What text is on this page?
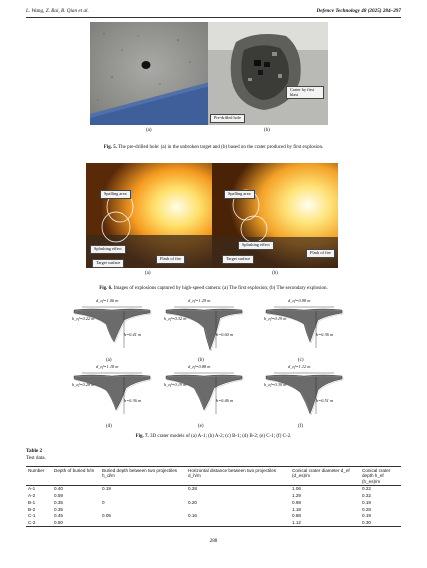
L. Wang, Z. Bai, B. Qian et al.	Defence Technology 48 (2025) 284–297
(a)
Crater by first blast
Pre-drilled hole
(b)
Fig. 5. The pre-drilled hole: (a) in the unbroken target and (b) based on the crater produced by first explosion.
Spalling area
Splashing effect
Target surface
Flash of fire
(a)
Spalling area
Splashing effect
Target surface
Flash of fire
(b)
Fig. 6. Images of explosions captured by high-speed camera: (a) The first explosion; (b) The secondary explosion.
d_ef=1.06 m
h_ef=0.22 m
h=0.41 m
(a)
d_ef=1.29 m
h_ef=0.32 m
h=0.60 m
(b)
d_ef=0.98 m
h_ef=0.19 m
h=0.36 m
(c)
d_ef=1.18 m
h_ef=0.28 m
h=0.36 m
(d)
d_ef=0.88 m
h_ef=0.19 m
h=0.46 m
(e)
d_ef=1.12 m
h_ef=0.30 m
h=0.51 m
(f)
Fig. 7. 3D crater models of (a) A-1; (b) A-2; (c) B-1; (d) B-2; (e) C-1; (f) C-2.
Table 2
Test data.
Number	Depth of buried h/m	Buried depth between two projectiles h_d/m	Horizontal distance between two projectiles d_h/m	Conical crater diameter d_ef (d_es)/m	Conical crater depth h_ef (h_es)/m
A-1	0.40	0.19	0.28	1.06	0.22
A-2	0.59			1.29	0.32
B-1	0.35	0	0.20	0.98	0.19
B-2	0.35			1.18	0.28
C-1	0.45	0.05	0.16	0.88	0.19
C-2	0.50			1.12	0.30
288
